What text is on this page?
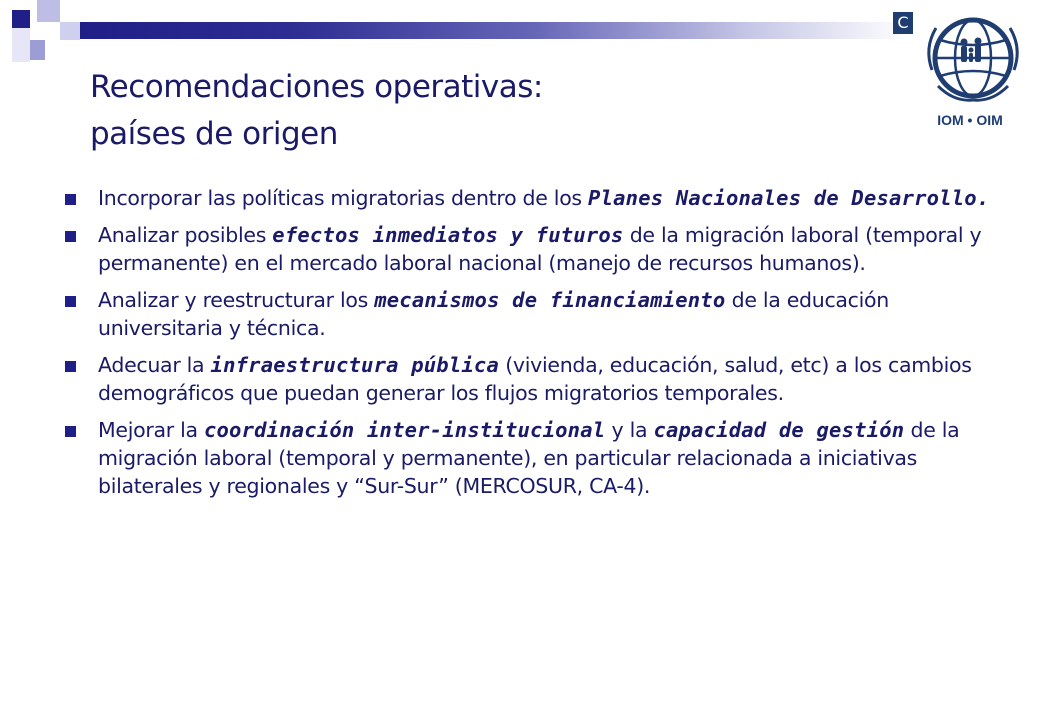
C
IOM • OIM
Recomendaciones operativas:
países de origen
Incorporar las políticas migratorias dentro de los Planes Nacionales de Desarrollo.
Analizar posibles efectos inmediatos y futuros de la migración laboral (temporal y permanente) en el mercado laboral nacional (manejo de recursos humanos).
Analizar y reestructurar los mecanismos de financiamiento de la educación universitaria y técnica.
Adecuar la infraestructura pública (vivienda, educación, salud, etc) a los cambios demográficos que puedan generar los flujos migratorios temporales.
Mejorar la coordinación inter-institucional y la capacidad de gestión de la migración laboral (temporal y permanente), en particular relacionada a iniciativas bilaterales y regionales y “Sur-Sur” (MERCOSUR, CA-4).
